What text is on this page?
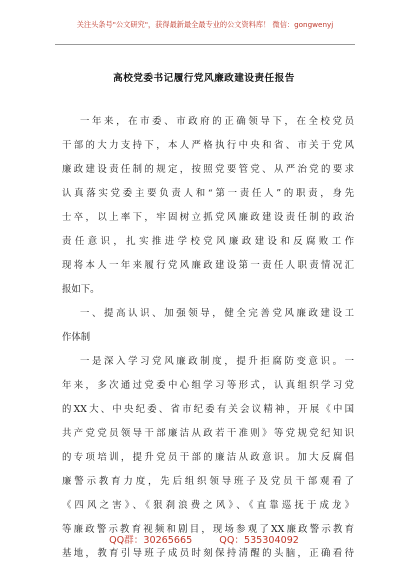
关注头条号"公文研究"，获得最新最全最专业的公文资料库！ 微信：gongwenyj
高校党委书记履行党风廉政建设责任报告
一年来，在市委、市政府的正确领导下，在全校党员
干部的大力支持下，本人严格执行中央和省、市关于党风
廉政建设责任制的规定，按照党要管党、从严治党的要求
认真落实党委主要负责人和“第一责任人”的职责，身先
士卒，以上率下，牢固树立抓党风廉政建设责任制的政治
责任意识，扎实推进学校党风廉政建设和反腐败工作
现将本人一年来履行党风廉政建设第一责任人职责情况汇
报如下。
一、提高认识、加强领导，健全完善党风廉政建设工
作体制
一是深入学习党风廉政制度，提升拒腐防变意识。一
年来，多次通过党委中心组学习等形式，认真组织学习党
的XX大、中央纪委、省市纪委有关会议精神，开展《中国
共产党党员领导干部廉洁从政若干准则》等党规党纪知识
的专项培训，提升党员干部的廉洁从政意识。加大反腐倡
廉警示教育力度，先后组织领导班子及党员干部观看了
《四风之害》、《狠刹浪费之风》、《直靠巡抚于成龙》
等廉政警示教育视频和剧目，现场参观了XX廉政警示教育
基地，教育引导班子成员时刻保持清醒的头脑，正确看待
QQ群：30265665	QQ：535304092
